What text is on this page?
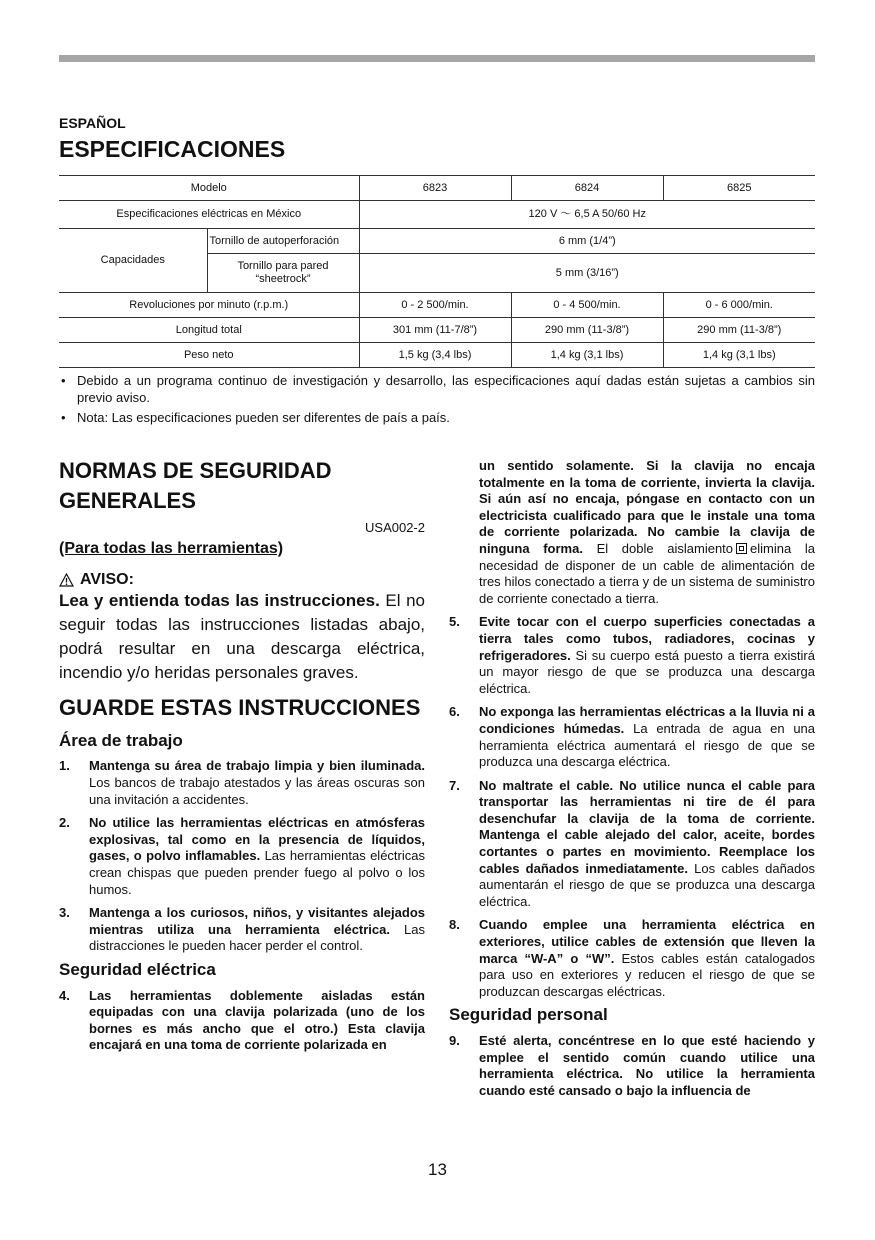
ESPAÑOL
ESPECIFICACIONES
Modelo		6823	6824	6825
Especificaciones eléctricas en México		120 V ～ 6,5 A 50/60 Hz		
Capacidades	Tornillo de autoperforación	6 mm (1/4”)		
	Tornillo para pared “sheetrock”	5 mm (3/16”)		
Revoluciones por minuto (r.p.m.)		0 - 2 500/min.	0 - 4 500/min.	0 - 6 000/min.
Longitud total		301 mm (11-7/8”)	290 mm (11-3/8”)	290 mm (11-3/8”)
Peso neto		1,5 kg (3,4 lbs)	1,4 kg (3,1 lbs)	1,4 kg (3,1 lbs)
• Debido a un programa continuo de investigación y desarrollo, las especificaciones aquí dadas están sujetas a cambios sin previo aviso.
• Nota: Las especificaciones pueden ser diferentes de país a país.
NORMAS DE SEGURIDAD GENERALES
USA002-2
(Para todas las herramientas)
AVISO:
Lea y entienda todas las instrucciones. El no seguir todas las instrucciones listadas abajo, podrá resultar en una descarga eléctrica, incendio y/o heridas personales graves.
GUARDE ESTAS INSTRUCCIONES
Área de trabajo
1. Mantenga su área de trabajo limpia y bien iluminada. Los bancos de trabajo atestados y las áreas oscuras son una invitación a accidentes.
2. No utilice las herramientas eléctricas en atmósferas explosivas, tal como en la presencia de líquidos, gases, o polvo inflamables. Las herramientas eléctricas crean chispas que pueden prender fuego al polvo o los humos.
3. Mantenga a los curiosos, niños, y visitantes alejados mientras utiliza una herramienta eléctrica. Las distracciones le pueden hacer perder el control.
Seguridad eléctrica
4. Las herramientas doblemente aisladas están equipadas con una clavija polarizada (uno de los bornes es más ancho que el otro.) Esta clavija encajará en una toma de corriente polarizada en
un sentido solamente. Si la clavija no encaja totalmente en la toma de corriente, invierta la clavija. Si aún así no encaja, póngase en contacto con un electricista cualificado para que le instale una toma de corriente polarizada. No cambie la clavija de ninguna forma. El doble aislamiento elimina la necesidad de disponer de un cable de alimentación de tres hilos conectado a tierra y de un sistema de suministro de corriente conectado a tierra.
5. Evite tocar con el cuerpo superficies conectadas a tierra tales como tubos, radiadores, cocinas y refrigeradores. Si su cuerpo está puesto a tierra existirá un mayor riesgo de que se produzca una descarga eléctrica.
6. No exponga las herramientas eléctricas a la lluvia ni a condiciones húmedas. La entrada de agua en una herramienta eléctrica aumentará el riesgo de que se produzca una descarga eléctrica.
7. No maltrate el cable. No utilice nunca el cable para transportar las herramientas ni tire de él para desenchufar la clavija de la toma de corriente. Mantenga el cable alejado del calor, aceite, bordes cortantes o partes en movimiento. Reemplace los cables dañados inmediatamente. Los cables dañados aumentarán el riesgo de que se produzca una descarga eléctrica.
8. Cuando emplee una herramienta eléctrica en exteriores, utilice cables de extensión que lleven la marca “W-A” o “W”. Estos cables están catalogados para uso en exteriores y reducen el riesgo de que se produzcan descargas eléctricas.
Seguridad personal
9. Esté alerta, concéntrese en lo que esté haciendo y emplee el sentido común cuando utilice una herramienta eléctrica. No utilice la herramienta cuando esté cansado o bajo la influencia de
13
